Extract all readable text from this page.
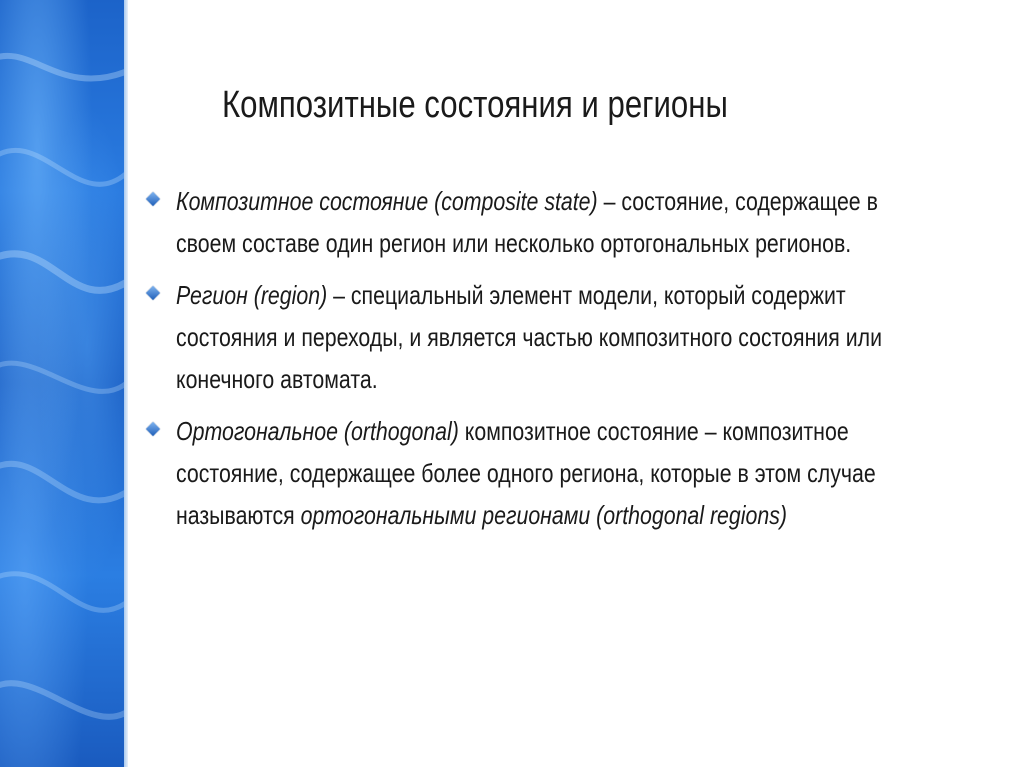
Композитные состояния и регионы
Композитное состояние (composite state) – состояние, содержащее в своем составе один регион или несколько ортогональных регионов.
Регион (region) – специальный элемент модели, который содержит состояния и переходы, и является частью композитного состояния или конечного автомата.
Ортогональное (orthogonal) композитное состояние – композитное состояние, содержащее более одного региона, которые в этом случае называются ортогональными регионами (orthogonal regions)
